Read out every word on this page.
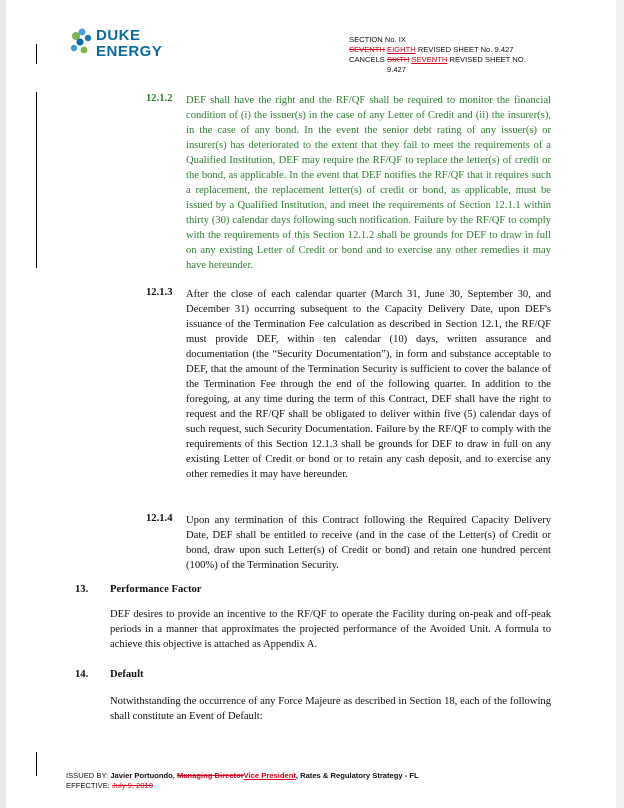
DUKE
ENERGY
SECTION No. IX
SEVENTH EIGHTH REVISED SHEET No. 9.427
CANCELS SIXTH SEVENTH REVISED SHEET NO.
9.427
12.1.2 DEF shall have the right and the RF/QF shall be required to monitor the financial condition of (i) the issuer(s) in the case of any Letter of Credit and (ii) the insurer(s), in the case of any bond. In the event the senior debt rating of any issuer(s) or insurer(s) has deteriorated to the extent that they fail to meet the requirements of a Qualified Institution, DEF may require the RF/QF to replace the letter(s) of credit or the bond, as applicable. In the event that DEF notifies the RF/QF that it requires such a replacement, the replacement letter(s) of credit or bond, as applicable, must be issued by a Qualified Institution, and meet the requirements of Section 12.1.1 within thirty (30) calendar days following such notification. Failure by the RF/QF to comply with the requirements of this Section 12.1.2 shall be grounds for DEF to draw in full on any existing Letter of Credit or bond and to exercise any other remedies it may have hereunder.
12.1.3 After the close of each calendar quarter (March 31, June 30, September 30, and December 31) occurring subsequent to the Capacity Delivery Date, upon DEF's issuance of the Termination Fee calculation as described in Section 12.1, the RF/QF must provide DEF, within ten calendar (10) days, written assurance and documentation (the “Security Documentation”), in form and substance acceptable to DEF, that the amount of the Termination Security is sufficient to cover the balance of the Termination Fee through the end of the following quarter. In addition to the foregoing, at any time during the term of this Contract, DEF shall have the right to request and the RF/QF shall be obligated to deliver within five (5) calendar days of such request, such Security Documentation. Failure by the RF/QF to comply with the requirements of this Section 12.1.3 shall be grounds for DEF to draw in full on any existing Letter of Credit or bond or to retain any cash deposit, and to exercise any other remedies it may have hereunder.
12.1.4 Upon any termination of this Contract following the Required Capacity Delivery Date, DEF shall be entitled to receive (and in the case of the Letter(s) of Credit or bond, draw upon such Letter(s) of Credit or bond) and retain one hundred percent (100%) of the Termination Security.
13. Performance Factor
DEF desires to provide an incentive to the RF/QF to operate the Facility during on-peak and off-peak periods in a manner that approximates the projected performance of the Avoided Unit. A formula to achieve this objective is attached as Appendix A.
14. Default
Notwithstanding the occurrence of any Force Majeure as described in Section 18, each of the following shall constitute an Event of Default:
ISSUED BY: Javier Portuondo, Managing DirectorVice President, Rates & Regulatory Strategy - FL
EFFECTIVE: July 9, 2010
